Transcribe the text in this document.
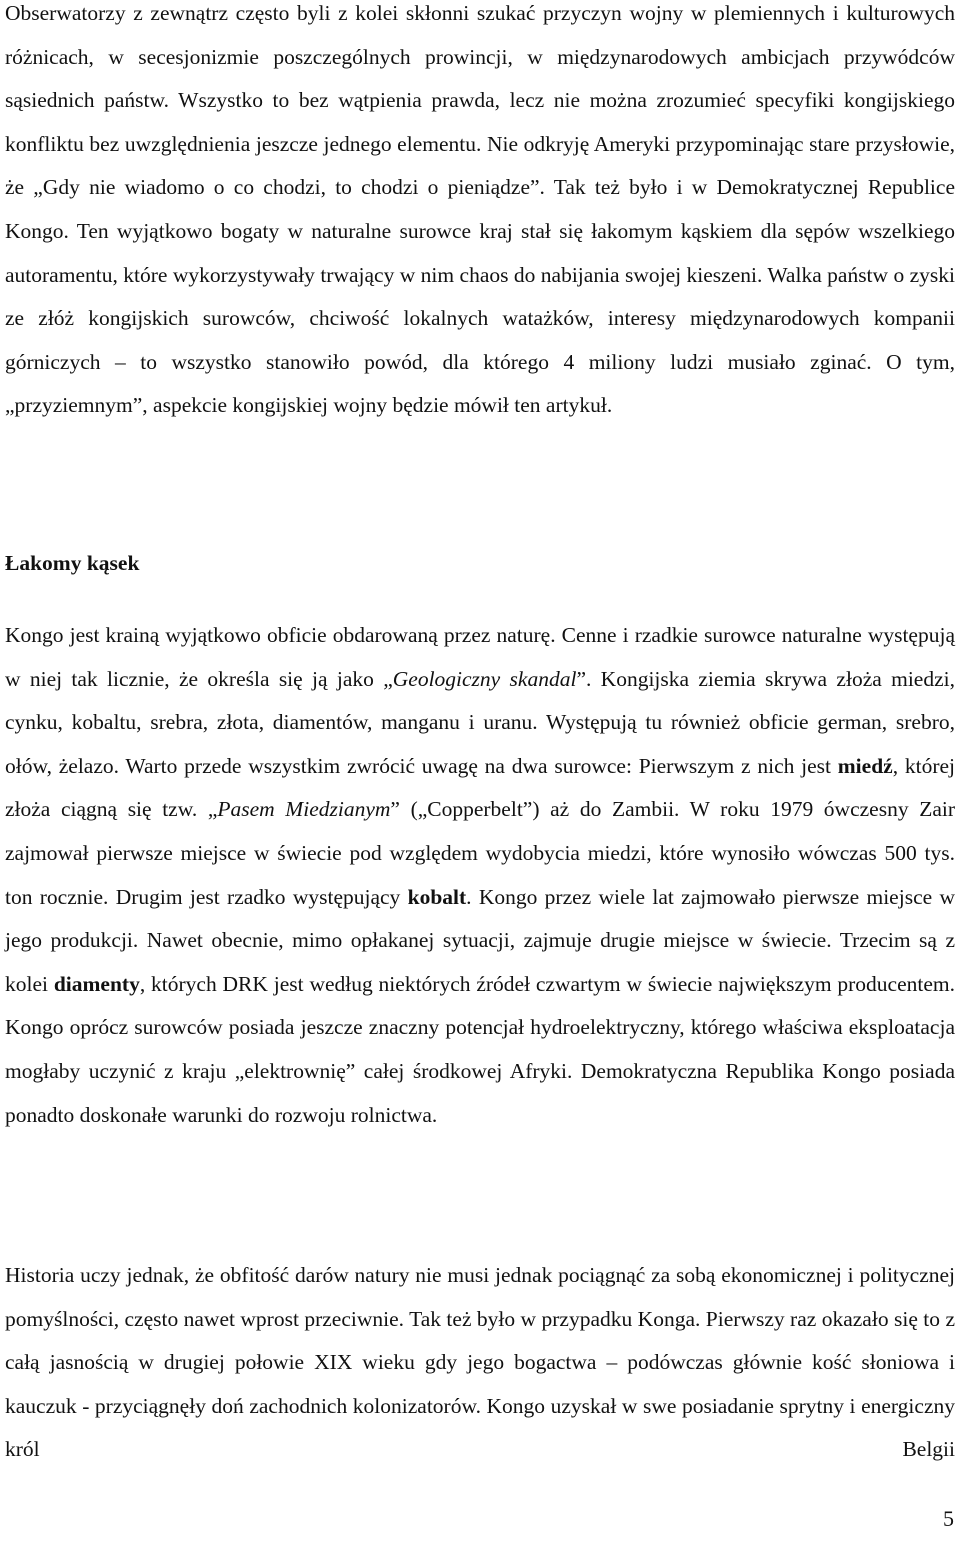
Obserwatorzy z zewnątrz często byli z kolei skłonni szukać przyczyn wojny w plemiennych i kulturowych różnicach, w secesjonizmie poszczególnych prowincji, w międzynarodowych ambicjach przywódców sąsiednich państw. Wszystko to bez wątpienia prawda, lecz nie można zrozumieć specyfiki kongijskiego konfliktu bez uwzględnienia jeszcze jednego elementu. Nie odkryję Ameryki przypominając stare przysłowie, że „Gdy nie wiadomo o co chodzi, to chodzi o pieniądze”. Tak też było i w Demokratycznej Republice Kongo. Ten wyjątkowo bogaty w naturalne surowce kraj stał się łakomym kąskiem dla sępów wszelkiego autoramentu, które wykorzystywały trwający w nim chaos do nabijania swojej kieszeni. Walka państw o zyski ze złóż kongijskich surowców, chciwość lokalnych watażków, interesy międzynarodowych kompanii górniczych – to wszystko stanowiło powód, dla którego 4 miliony ludzi musiało zginać. O tym, „przyziemnym”, aspekcie kongijskiej wojny będzie mówił ten artykuł.

Łakomy kąsek

Kongo jest krainą wyjątkowo obficie obdarowaną przez naturę. Cenne i rzadkie surowce naturalne występują w niej tak licznie, że określa się ją jako „Geologiczny skandal”. Kongijska ziemia skrywa złoża miedzi, cynku, kobaltu, srebra, złota, diamentów, manganu i uranu. Występują tu również obficie german, srebro, ołów, żelazo. Warto przede wszystkim zwrócić uwagę na dwa surowce: Pierwszym z nich jest miedź, której złoża ciągną się tzw. „Pasem Miedzianym” („Copperbelt”) aż do Zambii. W roku 1979 ówczesny Zair zajmował pierwsze miejsce w świecie pod względem wydobycia miedzi, które wynosiło wówczas 500 tys. ton rocznie. Drugim jest rzadko występujący kobalt. Kongo przez wiele lat zajmowało pierwsze miejsce w jego produkcji. Nawet obecnie, mimo opłakanej sytuacji, zajmuje drugie miejsce w świecie. Trzecim są z kolei diamenty, których DRK jest według niektórych źródeł czwartym w świecie największym producentem. Kongo oprócz surowców posiada jeszcze znaczny potencjał hydroelektryczny, którego właściwa eksploatacja mogłaby uczynić z kraju „elektrownię” całej środkowej Afryki. Demokratyczna Republika Kongo posiada ponadto doskonałe warunki do rozwoju rolnictwa.

Historia uczy jednak, że obfitość darów natury nie musi jednak pociągnąć za sobą ekonomicznej i politycznej pomyślności, często nawet wprost przeciwnie. Tak też było w przypadku Konga. Pierwszy raz okazało się to z całą jasnością w drugiej połowie XIX wieku gdy jego bogactwa – podówczas głównie kość słoniowa i kauczuk - przyciągnęły doń zachodnich kolonizatorów. Kongo uzyskał w swe posiadanie sprytny i energiczny król Belgii

5
